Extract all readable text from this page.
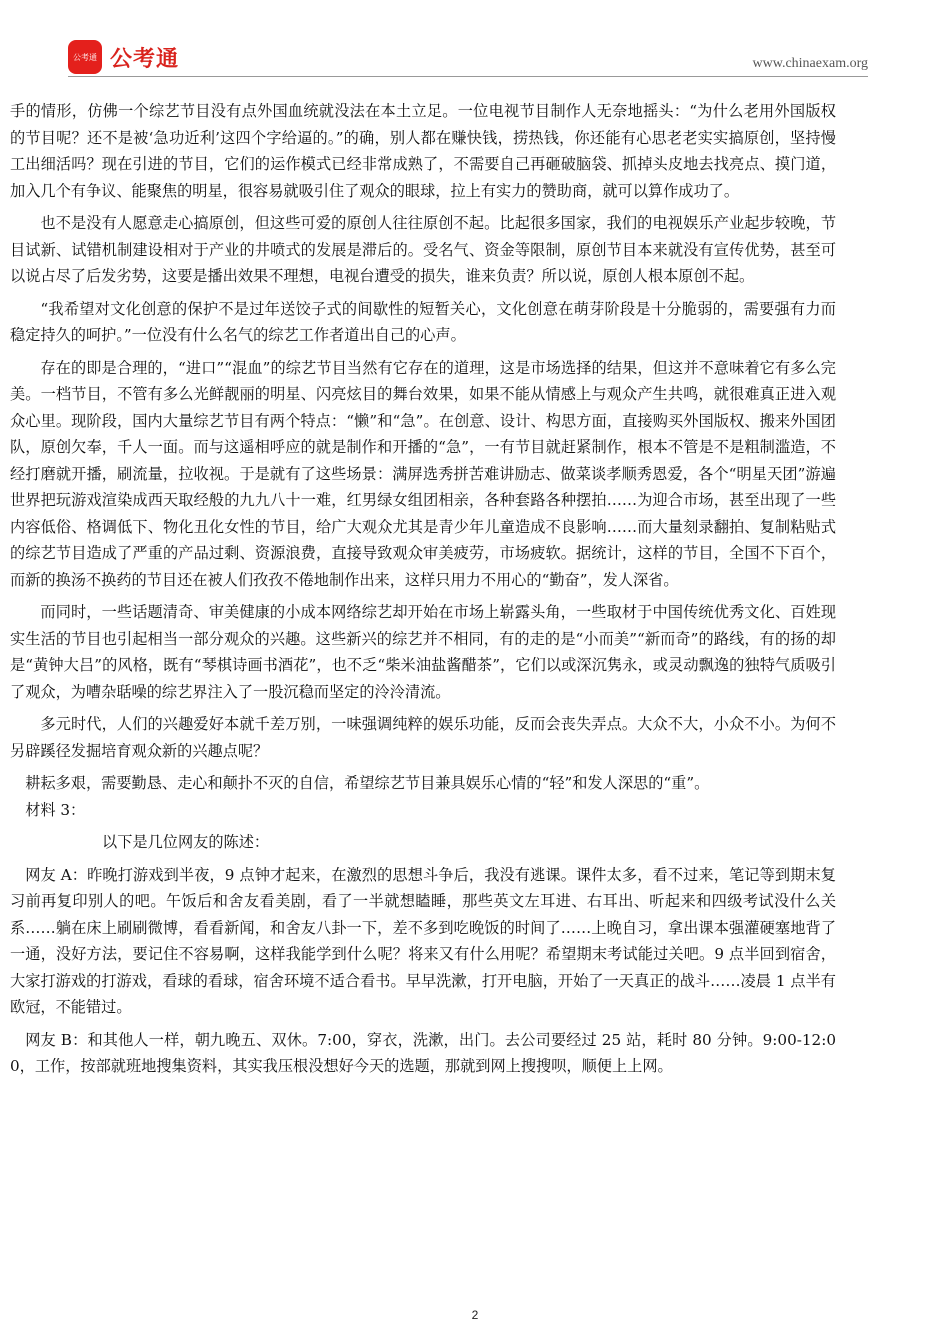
公考通 公考通	www.chinaexam.org

手的情形，仿佛一个综艺节目没有点外国血统就没法在本土立足。一位电视节目制作人无奈地摇头：“为什么老用外国版权的节目呢？还不是被‘急功近利’这四个字给逼的。”的确，别人都在赚快钱，捞热钱，你还能有心思老老实实搞原创，坚持慢工出细活吗？现在引进的节目，它们的运作模式已经非常成熟了，不需要自己再砸破脑袋、抓掉头皮地去找亮点、摸门道，加入几个有争议、能聚焦的明星，很容易就吸引住了观众的眼球，拉上有实力的赞助商，就可以算作成功了。

也不是没有人愿意走心搞原创，但这些可爱的原创人往往原创不起。比起很多国家，我们的电视娱乐产业起步较晚，节目试新、试错机制建设相对于产业的井喷式的发展是滞后的。受名气、资金等限制，原创节目本来就没有宣传优势，甚至可以说占尽了后发劣势，这要是播出效果不理想，电视台遭受的损失，谁来负责？所以说，原创人根本原创不起。

“我希望对文化创意的保护不是过年送饺子式的间歇性的短暂关心，文化创意在萌芽阶段是十分脆弱的，需要强有力而稳定持久的呵护。”一位没有什么名气的综艺工作者道出自己的心声。

存在的即是合理的，“进口”“混血”的综艺节目当然有它存在的道理，这是市场选择的结果，但这并不意味着它有多么完美。一档节目，不管有多么光鲜靓丽的明星、闪亮炫目的舞台效果，如果不能从情感上与观众产生共鸣，就很难真正进入观众心里。现阶段，国内大量综艺节目有两个特点：“懒”和“急”。在创意、设计、构思方面，直接购买外国版权、搬来外国团队，原创欠奉，千人一面。而与这遥相呼应的就是制作和开播的“急”，一有节目就赶紧制作，根本不管是不是粗制滥造，不经打磨就开播，刷流量，拉收视。于是就有了这些场景：满屏选秀拼苦难讲励志、做菜谈孝顺秀恩爱，各个“明星天团”游遍世界把玩游戏渲染成西天取经般的九九八十一难，红男绿女组团相亲，各种套路各种摆拍……为迎合市场，甚至出现了一些内容低俗、格调低下、物化丑化女性的节目，给广大观众尤其是青少年儿童造成不良影响……而大量刻录翻拍、复制粘贴式的综艺节目造成了严重的产品过剩、资源浪费，直接导致观众审美疲劳，市场疲软。据统计，这样的节目，全国不下百个，而新的换汤不换药的节目还在被人们孜孜不倦地制作出来，这样只用力不用心的“勤奋”，发人深省。

而同时，一些话题清奇、审美健康的小成本网络综艺却开始在市场上崭露头角，一些取材于中国传统优秀文化、百姓现实生活的节目也引起相当一部分观众的兴趣。这些新兴的综艺并不相同，有的走的是“小而美”“新而奇”的路线，有的扬的却是“黄钟大吕”的风格，既有“琴棋诗画书酒花”，也不乏“柴米油盐酱醋茶”，它们以或深沉隽永，或灵动飘逸的独特气质吸引了观众，为嘈杂聒噪的综艺界注入了一股沉稳而坚定的泠泠清流。

多元时代，人们的兴趣爱好本就千差万别，一味强调纯粹的娱乐功能，反而会丧失弄点。大众不大，小众不小。为何不另辟蹊径发掘培育观众新的兴趣点呢？

耕耘多艰，需要勤恳、走心和颠扑不灭的自信，希望综艺节目兼具娱乐心情的“轻”和发人深思的“重”。

材料 3：

以下是几位网友的陈述：

网友 A：昨晚打游戏到半夜，9 点钟才起来，在激烈的思想斗争后，我没有逃课。课件太多，看不过来，笔记等到期末复习前再复印别人的吧。午饭后和舍友看美剧，看了一半就想瞌睡，那些英文左耳进、右耳出、听起来和四级考试没什么关系……躺在床上刷刷微博，看看新闻，和舍友八卦一下，差不多到吃晚饭的时间了……上晚自习，拿出课本强灌硬塞地背了一通，没好方法，要记住不容易啊，这样我能学到什么呢？将来又有什么用呢？希望期末考试能过关吧。9 点半回到宿舍，大家打游戏的打游戏，看球的看球，宿舍环境不适合看书。早早洗漱，打开电脑，开始了一天真正的战斗……凌晨 1 点半有欧冠，不能错过。

网友 B：和其他人一样，朝九晚五、双休。7:00，穿衣，洗漱，出门。去公司要经过 25 站，耗时 80 分钟。9:00-12:00，工作，按部就班地搜集资料，其实我压根没想好今天的选题，那就到网上搜搜呗，顺便上上网。

2
